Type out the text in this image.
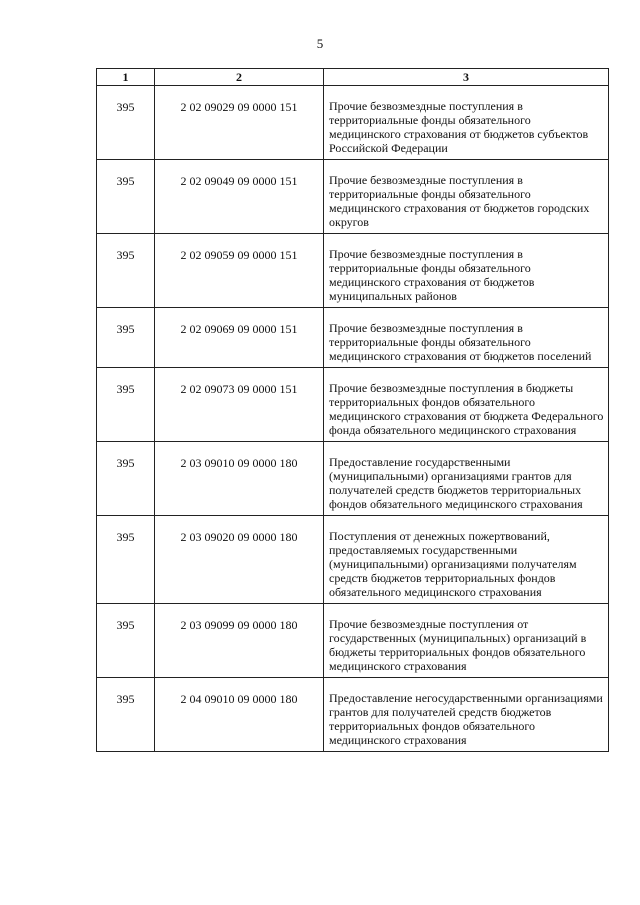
5
1	2	3
395	2 02 09029 09 0000 151	Прочие безвозмездные поступления в территориальные фонды обязательного медицинского страхования от бюджетов субъектов Российской Федерации
395	2 02 09049 09 0000 151	Прочие безвозмездные поступления в территориальные фонды обязательного медицинского страхования от бюджетов городских округов
395	2 02 09059 09 0000 151	Прочие безвозмездные поступления в территориальные фонды обязательного медицинского страхования от бюджетов муниципальных районов
395	2 02 09069 09 0000 151	Прочие безвозмездные поступления в территориальные фонды обязательного медицинского страхования от бюджетов поселений
395	2 02 09073 09 0000 151	Прочие безвозмездные поступления в бюджеты территориальных фондов обязательного медицинского страхования от бюджета Федерального фонда обязательного медицинского страхования
395	2 03 09010 09 0000 180	Предоставление государственными (муниципальными) организациями грантов для получателей средств бюджетов территориальных фондов обязательного медицинского страхования
395	2 03 09020 09 0000 180	Поступления от денежных пожертвований, предоставляемых государственными (муниципальными) организациями получателям средств бюджетов территориальных фондов обязательного медицинского страхования
395	2 03 09099 09 0000 180	Прочие безвозмездные поступления от государственных (муниципальных) организаций в бюджеты территориальных фондов обязательного медицинского страхования
395	2 04 09010 09 0000 180	Предоставление негосударственными организациями грантов для получателей средств бюджетов территориальных фондов обязательного медицинского страхования
